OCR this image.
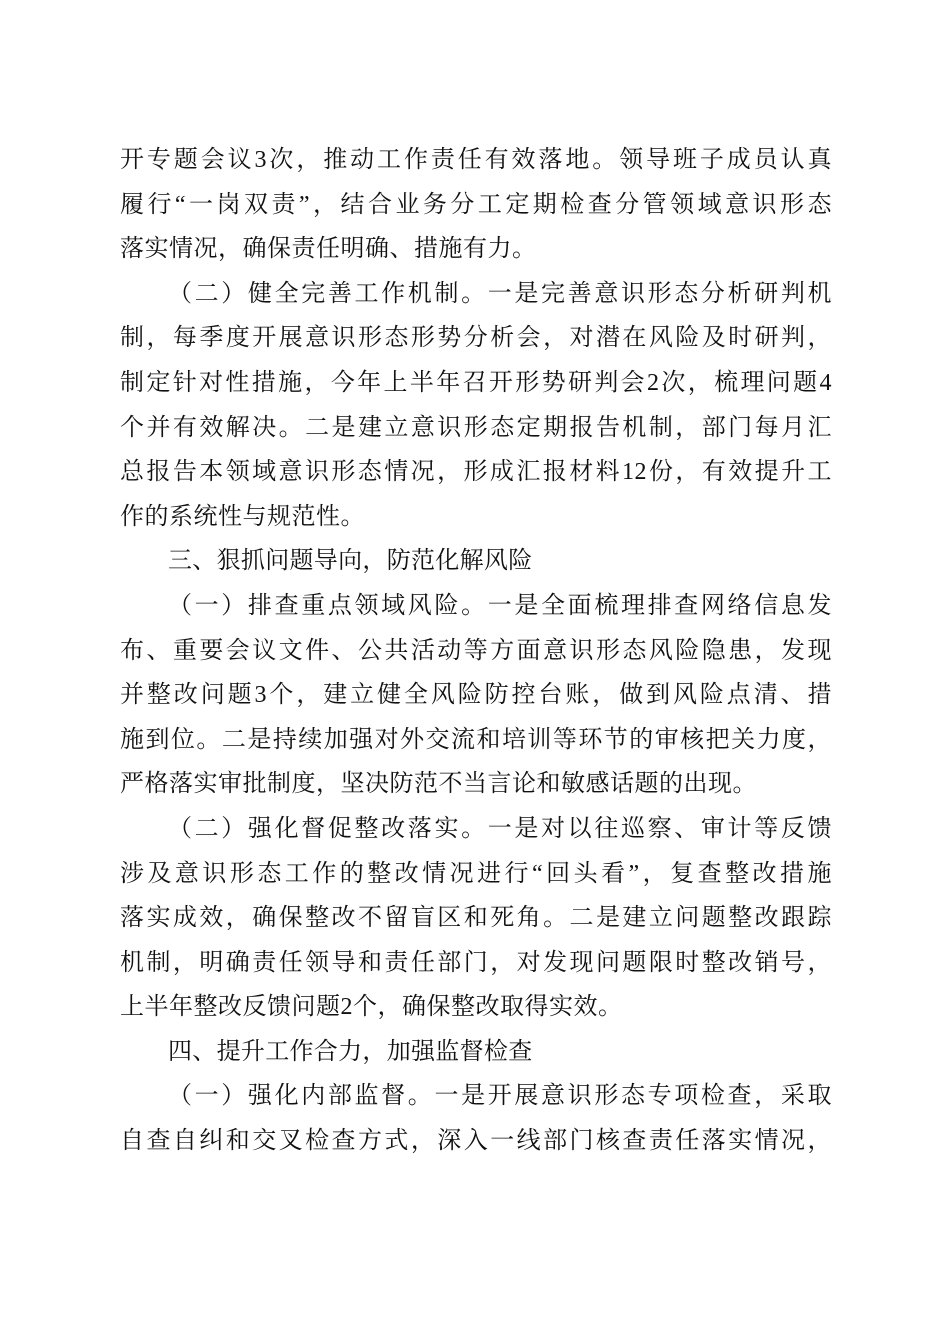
开专题会议3次，推动工作责任有效落地。领导班子成员认真
履行“一岗双责”，结合业务分工定期检查分管领域意识形态
落实情况，确保责任明确、措施有力。
（二）健全完善工作机制。一是完善意识形态分析研判机
制，每季度开展意识形态形势分析会，对潜在风险及时研判，
制定针对性措施，今年上半年召开形势研判会2次，梳理问题4
个并有效解决。二是建立意识形态定期报告机制，部门每月汇
总报告本领域意识形态情况，形成汇报材料12份，有效提升工
作的系统性与规范性。
三、狠抓问题导向，防范化解风险
（一）排查重点领域风险。一是全面梳理排查网络信息发
布、重要会议文件、公共活动等方面意识形态风险隐患，发现
并整改问题3个，建立健全风险防控台账，做到风险点清、措
施到位。二是持续加强对外交流和培训等环节的审核把关力度，
严格落实审批制度，坚决防范不当言论和敏感话题的出现。
（二）强化督促整改落实。一是对以往巡察、审计等反馈
涉及意识形态工作的整改情况进行“回头看”，复查整改措施
落实成效，确保整改不留盲区和死角。二是建立问题整改跟踪
机制，明确责任领导和责任部门，对发现问题限时整改销号，
上半年整改反馈问题2个，确保整改取得实效。
四、提升工作合力，加强监督检查
（一）强化内部监督。一是开展意识形态专项检查，采取
自查自纠和交叉检查方式，深入一线部门核查责任落实情况，
